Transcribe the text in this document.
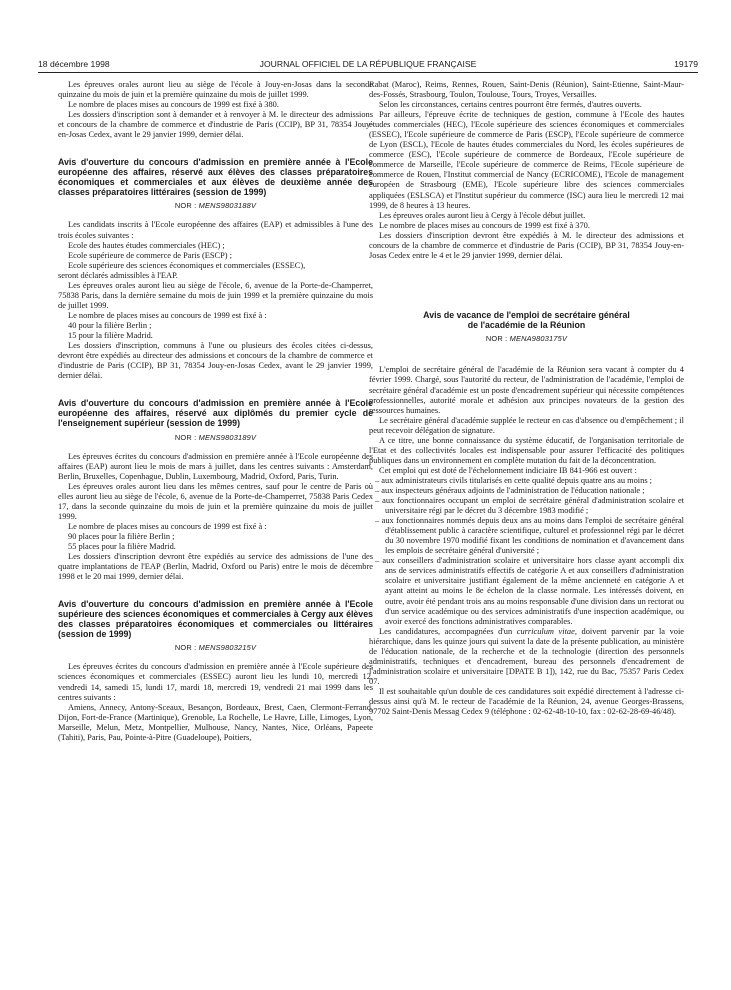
18 décembre 1998	JOURNAL OFFICIEL DE LA RÉPUBLIQUE FRANÇAISE	19179

Les épreuves orales auront lieu au siège de l'école à Jouy-en-Josas dans la seconde quinzaine du mois de juin et la première quinzaine du mois de juillet 1999.

Le nombre de places mises au concours de 1999 est fixé à 380.

Les dossiers d'inscription sont à demander et à renvoyer à M. le directeur des admissions et concours de la chambre de commerce et d'industrie de Paris (CCIP), BP 31, 78354 Jouy-en-Josas Cedex, avant le 29 janvier 1999, dernier délai.

Avis d'ouverture du concours d'admission en première année à l'Ecole européenne des affaires, réservé aux élèves des classes préparatoires économiques et commerciales et aux élèves de deuxième année des classes préparatoires littéraires (session de 1999)
NOR : MENS9803188V

Les candidats inscrits à l'Ecole européenne des affaires (EAP) et admissibles à l'une des trois écoles suivantes :

Ecole des hautes études commerciales (HEC) ;

Ecole supérieure de commerce de Paris (ESCP) ;

Ecole supérieure des sciences économiques et commerciales (ESSEC),

seront déclarés admissibles à l'EAP.

Les épreuves orales auront lieu au siège de l'école, 6, avenue de la Porte-de-Champerret, 75838 Paris, dans la dernière semaine du mois de juin 1999 et la première quinzaine du mois de juillet 1999.

Le nombre de places mises au concours de 1999 est fixé à :

40 pour la filière Berlin ;

15 pour la filière Madrid.

Les dossiers d'inscription, communs à l'une ou plusieurs des écoles citées ci-dessus, devront être expédiés au directeur des admissions et concours de la chambre de commerce et d'industrie de Paris (CCIP), BP 31, 78354 Jouy-en-Josas Cedex, avant le 29 janvier 1999, dernier délai.

Avis d'ouverture du concours d'admission en première année à l'Ecole européenne des affaires, réservé aux diplômés du premier cycle de l'enseignement supérieur (session de 1999)
NOR : MENS9803189V

Les épreuves écrites du concours d'admission en première année à l'Ecole européenne des affaires (EAP) auront lieu le mois de mars à juillet, dans les centres suivants : Amsterdam, Berlin, Bruxelles, Copenhague, Dublin, Luxembourg, Madrid, Oxford, Paris, Turin.

Les épreuves orales auront lieu dans les mêmes centres, sauf pour le centre de Paris où elles auront lieu au siège de l'école, 6, avenue de la Porte-de-Champerret, 75838 Paris Cedex 17, dans la seconde quinzaine du mois de juin et la première quinzaine du mois de juillet 1999.

Le nombre de places mises au concours de 1999 est fixé à :

90 places pour la filière Berlin ;

55 places pour la filière Madrid.

Les dossiers d'inscription devront être expédiés au service des admissions de l'une des quatre implantations de l'EAP (Berlin, Madrid, Oxford ou Paris) entre le mois de décembre 1998 et le 20 mai 1999, dernier délai.

Avis d'ouverture du concours d'admission en première année à l'Ecole supérieure des sciences économiques et commerciales à Cergy aux élèves des classes préparatoires économiques et commerciales ou littéraires (session de 1999)
NOR : MENS9803215V

Les épreuves écrites du concours d'admission en première année à l'Ecole supérieure des sciences économiques et commerciales (ESSEC) auront lieu les lundi 10, mercredi 12, vendredi 14, samedi 15, lundi 17, mardi 18, mercredi 19, vendredi 21 mai 1999 dans les centres suivants :

Amiens, Annecy, Antony-Sceaux, Besançon, Bordeaux, Brest, Caen, Clermont-Ferrand, Dijon, Fort-de-France (Martinique), Grenoble, La Rochelle, Le Havre, Lille, Limoges, Lyon, Marseille, Melun, Metz, Montpellier, Mulhouse, Nancy, Nantes, Nice, Orléans, Papeete (Tahiti), Paris, Pau, Pointe-à-Pitre (Guadeloupe), Poitiers,

Rabat (Maroc), Reims, Rennes, Rouen, Saint-Denis (Réunion), Saint-Etienne, Saint-Maur-des-Fossés, Strasbourg, Toulon, Toulouse, Tours, Troyes, Versailles.

Selon les circonstances, certains centres pourront être fermés, d'autres ouverts.

Par ailleurs, l'épreuve écrite de techniques de gestion, commune à l'Ecole des hautes études commerciales (HEC), l'Ecole supérieure des sciences économiques et commerciales (ESSEC), l'Ecole supérieure de commerce de Paris (ESCP), l'Ecole supérieure de commerce de Lyon (ESCL), l'Ecole de hautes études commerciales du Nord, les écoles supérieures de commerce (ESC), l'Ecole supérieure de commerce de Bordeaux, l'Ecole supérieure de commerce de Marseille, l'Ecole supérieure de commerce de Reims, l'Ecole supérieure de commerce de Rouen, l'Institut commercial de Nancy (ECRICOME), l'Ecole de management européen de Strasbourg (EME), l'Ecole supérieure libre des sciences commerciales appliquées (ESLSCA) et l'Institut supérieur du commerce (ISC) aura lieu le mercredi 12 mai 1999, de 8 heures à 13 heures.

Les épreuves orales auront lieu à Cergy à l'école début juillet.

Le nombre de places mises au concours de 1999 est fixé à 370.

Les dossiers d'inscription devront être expédiés à M. le directeur des admissions et concours de la chambre de commerce et d'industrie de Paris (CCIP), BP 31, 78354 Jouy-en-Josas Cedex entre le 4 et le 29 janvier 1999, dernier délai.

Avis de vacance de l'emploi de secrétaire général
de l'académie de la Réunion
NOR : MENA9803175V

L'emploi de secrétaire général de l'académie de la Réunion sera vacant à compter du 4 février 1999. Chargé, sous l'autorité du recteur, de l'administration de l'académie, l'emploi de secrétaire général d'académie est un poste d'encadrement supérieur qui nécessite compétences professionnelles, autorité morale et adhésion aux principes novateurs de la gestion des ressources humaines.

Le secrétaire général d'académie supplée le recteur en cas d'absence ou d'empêchement ; il peut recevoir délégation de signature.

A ce titre, une bonne connaissance du système éducatif, de l'organisation territoriale de l'Etat et des collectivités locales est indispensable pour assurer l'efficacité des politiques publiques dans un environnement en complète mutation du fait de la déconcentration.

Cet emploi qui est doté de l'échelonnement indiciaire IB 841-966 est ouvert :

– aux administrateurs civils titularisés en cette qualité depuis quatre ans au moins ;
– aux inspecteurs généraux adjoints de l'administration de l'éducation nationale ;
– aux fonctionnaires occupant un emploi de secrétaire général d'administration scolaire et universitaire régi par le décret du 3 décembre 1983 modifié ;
– aux fonctionnaires nommés depuis deux ans au moins dans l'emploi de secrétaire général d'établissement public à caractère scientifique, culturel et professionnel régi par le décret du 30 novembre 1970 modifié fixant les conditions de nomination et d'avancement dans les emplois de secrétaire général d'université ;
– aux conseillers d'administration scolaire et universitaire hors classe ayant accompli dix ans de services administratifs effectifs de catégorie A et aux conseillers d'administration scolaire et universitaire justifiant également de la même ancienneté en catégorie A et ayant atteint au moins le 8e échelon de la classe normale. Les intéressés doivent, en outre, avoir été pendant trois ans au moins responsable d'une division dans un rectorat ou d'un service académique ou des services administratifs d'une inspection académique, ou avoir exercé des fonctions administratives comparables.

Les candidatures, accompagnées d'un curriculum vitae, doivent parvenir par la voie hiérarchique, dans les quinze jours qui suivent la date de la présente publication, au ministère de l'éducation nationale, de la recherche et de la technologie (direction des personnels administratifs, techniques et d'encadrement, bureau des personnels d'encadrement de l'administration scolaire et universitaire [DPATE B 1]), 142, rue du Bac, 75357 Paris Cedex 07.

Il est souhaitable qu'un double de ces candidatures soit expédié directement à l'adresse ci-dessus ainsi qu'à M. le recteur de l'académie de la Réunion, 24, avenue Georges-Brassens, 97702 Saint-Denis Messag Cedex 9 (téléphone : 02-62-48-10-10, fax : 02-62-28-69-46/48).
